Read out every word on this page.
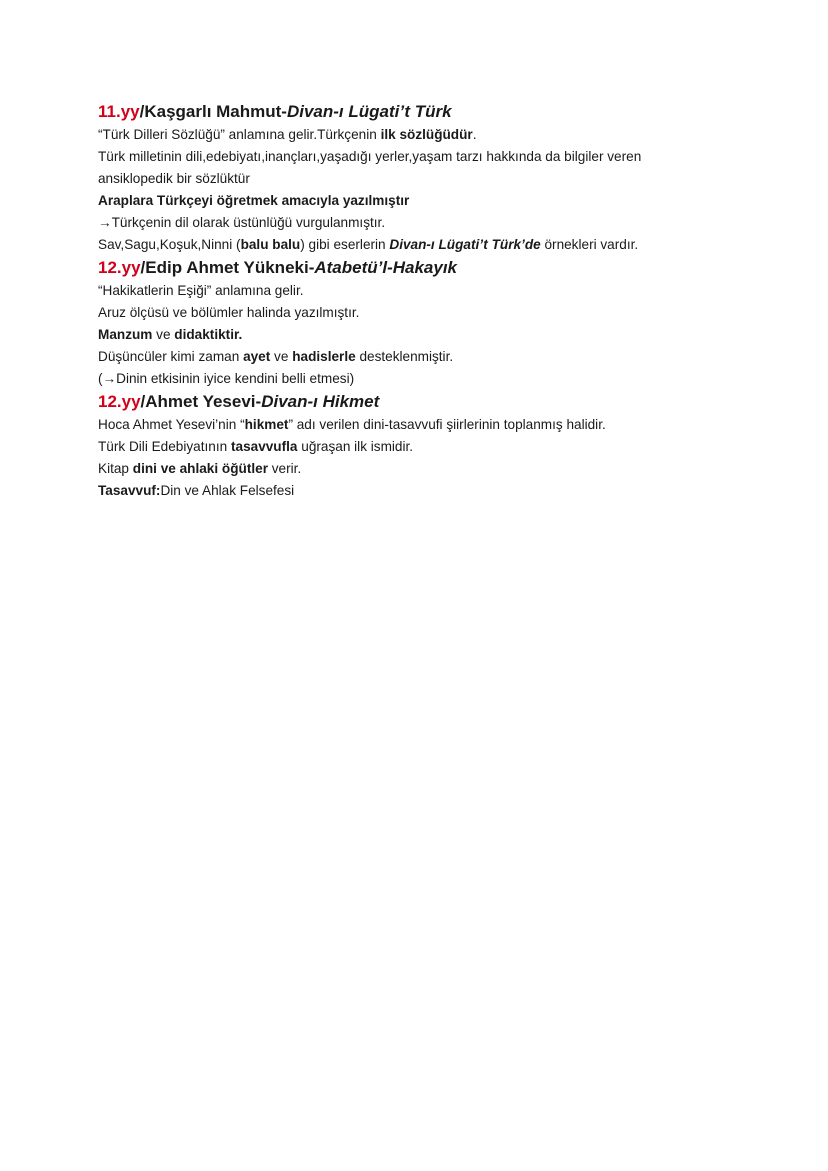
11.yy/Kaşgarlı Mahmut-Divan-ı Lügati’t Türk

“Türk Dilleri Sözlüğü” anlamına gelir.Türkçenin ilk sözlüğüdür.

Türk milletinin dili,edebiyatı,inançları,yaşadığı yerler,yaşam tarzı hakkında da bilgiler veren

ansiklopedik bir sözlüktür

Araplara Türkçeyi öğretmek amacıyla yazılmıştır

→Türkçenin dil olarak üstünlüğü vurgulanmıştır.

Sav,Sagu,Koşuk,Ninni (balu balu) gibi eserlerin Divan-ı Lügati’t Türk’de örnekleri vardır.

12.yy/Edip Ahmet Yükneki-Atabetü’l-Hakayık

“Hakikatlerin Eşiği” anlamına gelir.

Aruz ölçüsü ve bölümler halinda yazılmıştır.

Manzum ve didaktiktir.

Düşüncüler kimi zaman ayet ve hadislerle desteklenmiştir.

(→Dinin etkisinin iyice kendini belli etmesi)

12.yy/Ahmet Yesevi-Divan-ı Hikmet

Hoca Ahmet Yesevi’nin “hikmet” adı verilen dini-tasavvufi şiirlerinin toplanmış halidir.

Türk Dili Edebiyatının tasavvufla uğraşan ilk ismidir.

Kitap dini ve ahlaki öğütler verir.

Tasavvuf:Din ve Ahlak Felsefesi
